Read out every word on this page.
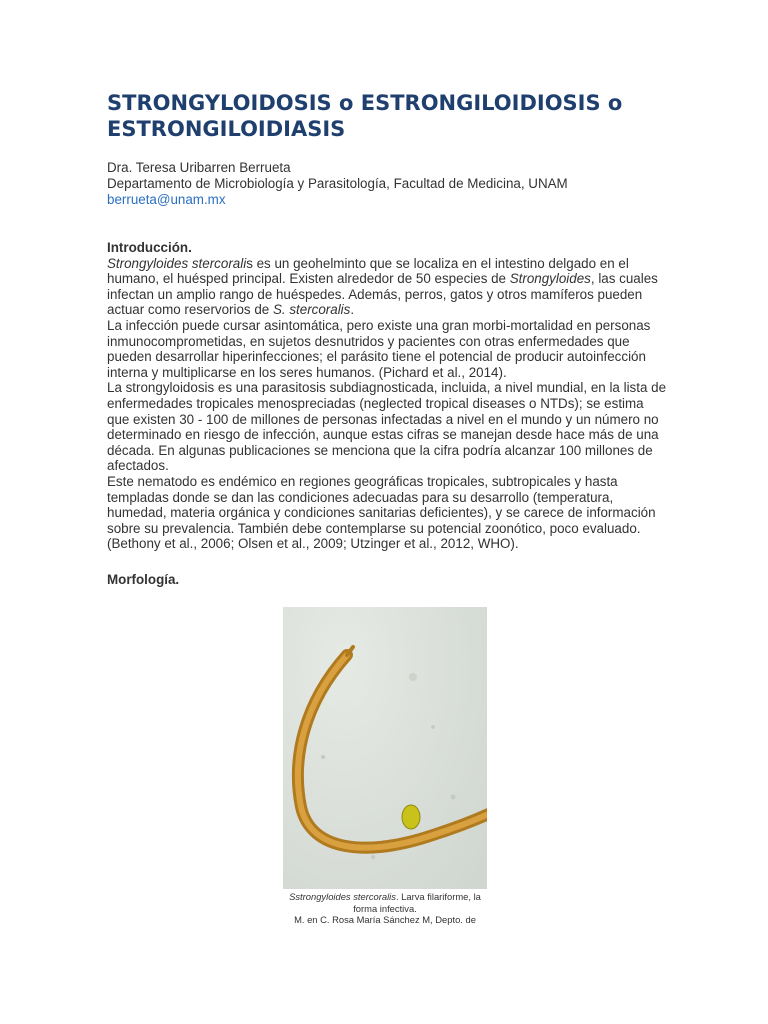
STRONGYLOIDOSIS o ESTRONGILOIDIOSIS o ESTRONGILOIDIASIS
Dra. Teresa Uribarren Berrueta
Departamento de Microbiología y Parasitología, Facultad de Medicina, UNAM
berrueta@unam.mx
Introducción.

Strongyloides stercoralis es un geohelminto que se localiza en el intestino delgado en el humano, el huésped principal. Existen alrededor de 50 especies de Strongyloides, las cuales infectan un amplio rango de huéspedes. Además, perros, gatos y otros mamíferos pueden actuar como reservorios de S. stercoralis.

La infección puede cursar asintomática, pero existe una gran morbi-mortalidad en personas inmunocomprometidas, en sujetos desnutridos y pacientes con otras enfermedades que pueden desarrollar hiperinfecciones; el parásito tiene el potencial de producir autoinfección interna y multiplicarse en los seres humanos. (Pichard et al., 2014).

La strongyloidosis es una parasitosis subdiagnosticada, incluida, a nivel mundial, en la lista de enfermedades tropicales menospreciadas (neglected tropical diseases o NTDs); se estima que existen 30 - 100 de millones de personas infectadas a nivel en el mundo y un número no determinado en riesgo de infección, aunque estas cifras se manejan desde hace más de una década. En algunas publicaciones se menciona que la cifra podría alcanzar 100 millones de afectados.

Este nematodo es endémico en regiones geográficas tropicales, subtropicales y hasta templadas donde se dan las condiciones adecuadas para su desarrollo (temperatura, humedad, materia orgánica y condiciones sanitarias deficientes), y se carece de información sobre su prevalencia. También debe contemplarse su potencial zoonótico, poco evaluado. (Bethony et al., 2006; Olsen et al., 2009; Utzinger et al., 2012, WHO).

Morfología.
Sstrongyloides stercoralis. Larva filariforme, la forma infectiva.
M. en C. Rosa María Sánchez M, Depto. de
